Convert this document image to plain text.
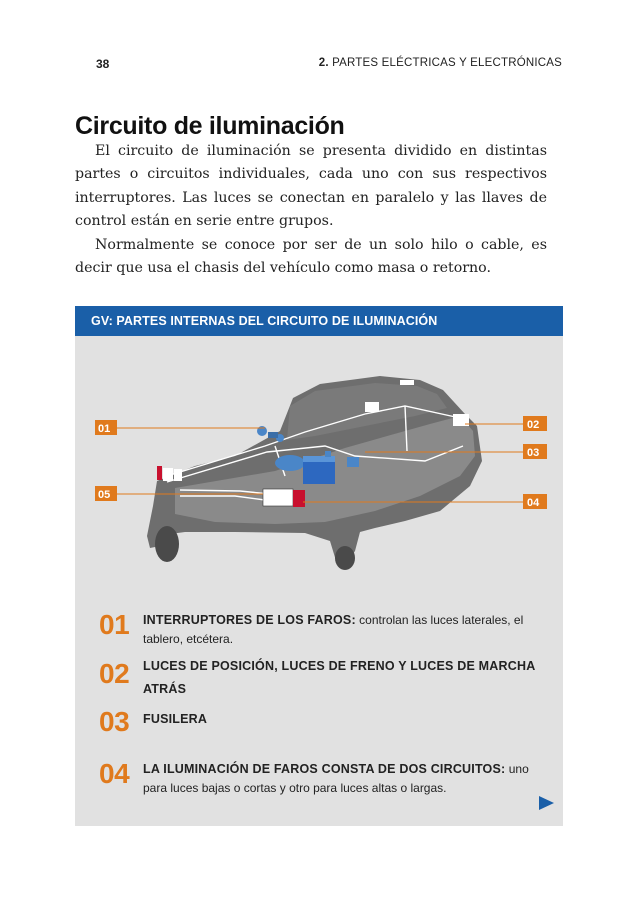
38	2. PARTES ELÉCTRICAS Y ELECTRÓNICAS
Circuito de iluminación

El circuito de iluminación se presenta dividido en distintas partes o circuitos individuales, cada uno con sus respectivos interruptores. Las luces se conectan en paralelo y las llaves de control están en serie entre grupos.

Normalmente se conoce por ser de un solo hilo o cable, es decir que usa el chasis del vehículo como masa o retorno.

GV: PARTES INTERNAS DEL CIRCUITO DE ILUMINACIÓN
01	02
03
04
05
01 INTERRUPTORES DE LOS FAROS: controlan las luces laterales, el tablero, etcétera.
02 LUCES DE POSICIÓN, LUCES DE FRENO Y LUCES DE MARCHA ATRÁS
03 FUSILERA
04 LA ILUMINACIÓN DE FAROS CONSTA DE DOS CIRCUITOS: uno para luces bajas o cortas y otro para luces altas o largas.
